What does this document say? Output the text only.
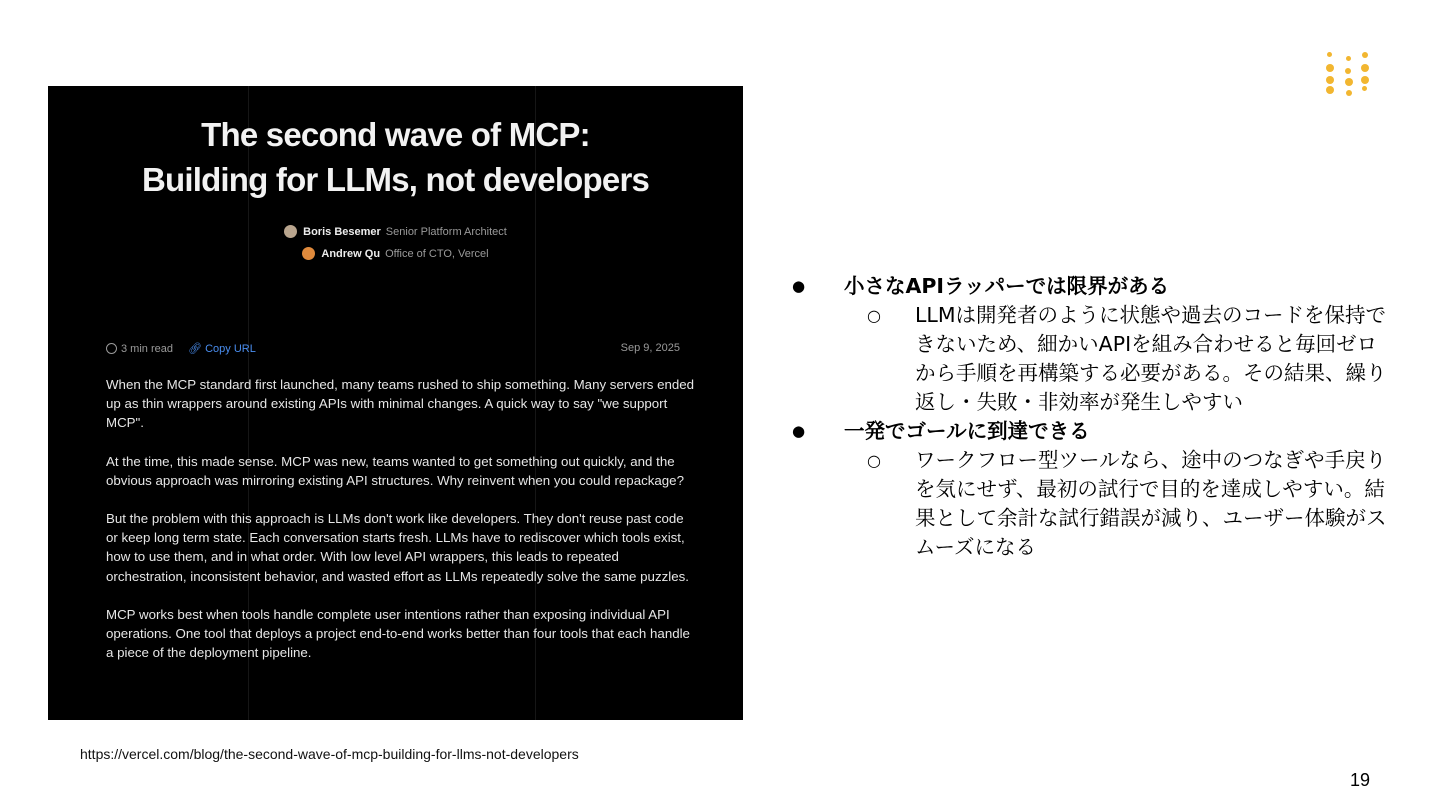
The second wave of MCP:
Building for LLMs, not developers
Boris Besemer Senior Platform Architect
Andrew Qu Office of CTO, Vercel
3 min read 🔗︎ Copy URL	Sep 9, 2025

When the MCP standard first launched, many teams rushed to ship something. Many servers ended up as thin wrappers around existing APIs with minimal changes. A quick way to say "we support MCP".

At the time, this made sense. MCP was new, teams wanted to get something out quickly, and the obvious approach was mirroring existing API structures. Why reinvent when you could repackage?

But the problem with this approach is LLMs don't work like developers. They don't reuse past code or keep long term state. Each conversation starts fresh. LLMs have to rediscover which tools exist, how to use them, and in what order. With low level API wrappers, this leads to repeated orchestration, inconsistent behavior, and wasted effort as LLMs repeatedly solve the same puzzles.

MCP works best when tools handle complete user intentions rather than exposing individual API operations. One tool that deploys a project end-to-end works better than four tools that each handle a piece of the deployment pipeline.

https://vercel.com/blog/the-second-wave-of-mcp-building-for-llms-not-developers
● 小さなAPIラッパーでは限界がある
○ LLMは開発者のように状態や過去のコードを保持できないため、細かいAPIを組み合わせると毎回ゼロから手順を再構築する必要がある。その結果、繰り返し・失敗・非効率が発生しやすい
● 一発でゴールに到達できる
○ ワークフロー型ツールなら、途中のつなぎや手戻りを気にせず、最初の試行で目的を達成しやすい。結果として余計な試行錯誤が減り、ユーザー体験がスムーズになる
19
